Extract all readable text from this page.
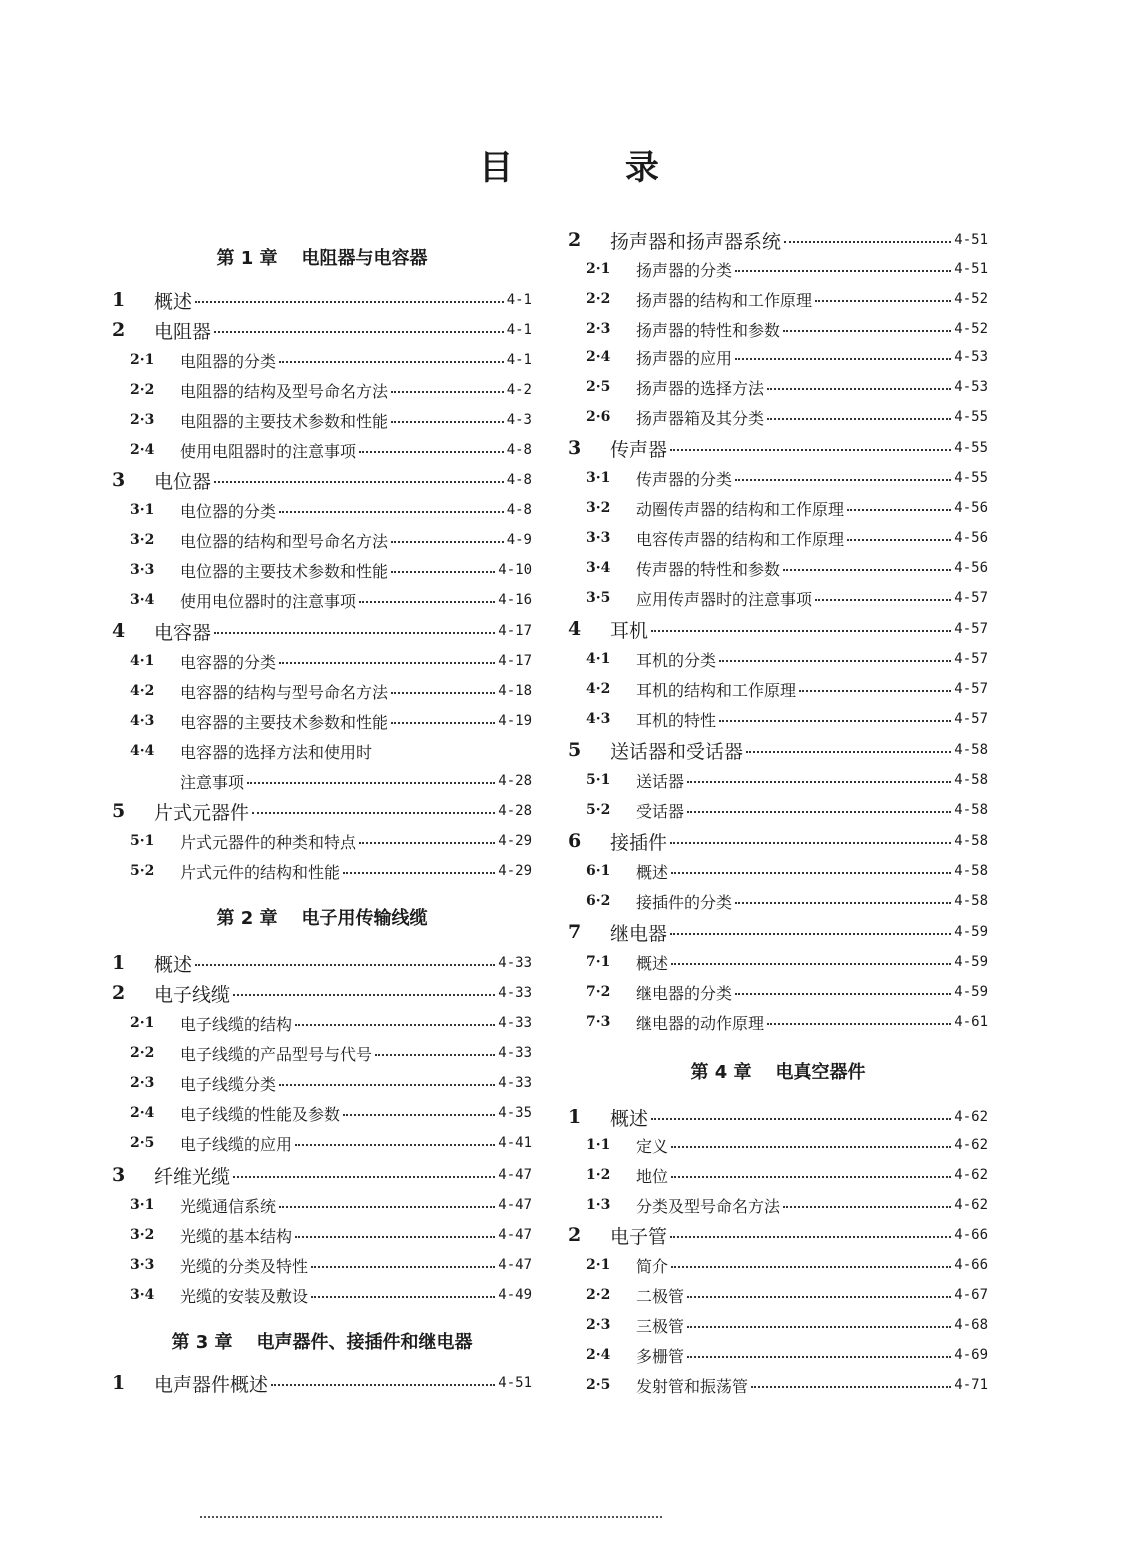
目 录
第 1 章 电阻器与电容器
1	概述	4-1
2	电阻器	4-1
2·1	电阻器的分类	4-1
2·2	电阻器的结构及型号命名方法	4-2
2·3	电阻器的主要技术参数和性能	4-3
2·4	使用电阻器时的注意事项	4-8
3	电位器	4-8
3·1	电位器的分类	4-8
3·2	电位器的结构和型号命名方法	4-9
3·3	电位器的主要技术参数和性能	4-10
3·4	使用电位器时的注意事项	4-16
4	电容器	4-17
4·1	电容器的分类	4-17
4·2	电容器的结构与型号命名方法	4-18
4·3	电容器的主要技术参数和性能	4-19
4·4	电容器的选择方法和使用时
注意事项	4-28
5	片式元器件	4-28
5·1	片式元器件的种类和特点	4-29
5·2	片式元件的结构和性能	4-29
第 2 章 电子用传输线缆
1	概述	4-33
2	电子线缆	4-33
2·1	电子线缆的结构	4-33
2·2	电子线缆的产品型号与代号	4-33
2·3	电子线缆分类	4-33
2·4	电子线缆的性能及参数	4-35
2·5	电子线缆的应用	4-41
3	纤维光缆	4-47
3·1	光缆通信系统	4-47
3·2	光缆的基本结构	4-47
3·3	光缆的分类及特性	4-47
3·4	光缆的安装及敷设	4-49
第 3 章 电声器件、接插件和继电器
1	电声器件概述	4-51
2	扬声器和扬声器系统	4-51
2·1	扬声器的分类	4-51
2·2	扬声器的结构和工作原理	4-52
2·3	扬声器的特性和参数	4-52
2·4	扬声器的应用	4-53
2·5	扬声器的选择方法	4-53
2·6	扬声器箱及其分类	4-55
3	传声器	4-55
3·1	传声器的分类	4-55
3·2	动圈传声器的结构和工作原理	4-56
3·3	电容传声器的结构和工作原理	4-56
3·4	传声器的特性和参数	4-56
3·5	应用传声器时的注意事项	4-57
4	耳机	4-57
4·1	耳机的分类	4-57
4·2	耳机的结构和工作原理	4-57
4·3	耳机的特性	4-57
5	送话器和受话器	4-58
5·1	送话器	4-58
5·2	受话器	4-58
6	接插件	4-58
6·1	概述	4-58
6·2	接插件的分类	4-58
7	继电器	4-59
7·1	概述	4-59
7·2	继电器的分类	4-59
7·3	继电器的动作原理	4-61
第 4 章 电真空器件
1	概述	4-62
1·1	定义	4-62
1·2	地位	4-62
1·3	分类及型号命名方法	4-62
2	电子管	4-66
2·1	简介	4-66
2·2	二极管	4-67
2·3	三极管	4-68
2·4	多栅管	4-69
2·5	发射管和振荡管	4-71
